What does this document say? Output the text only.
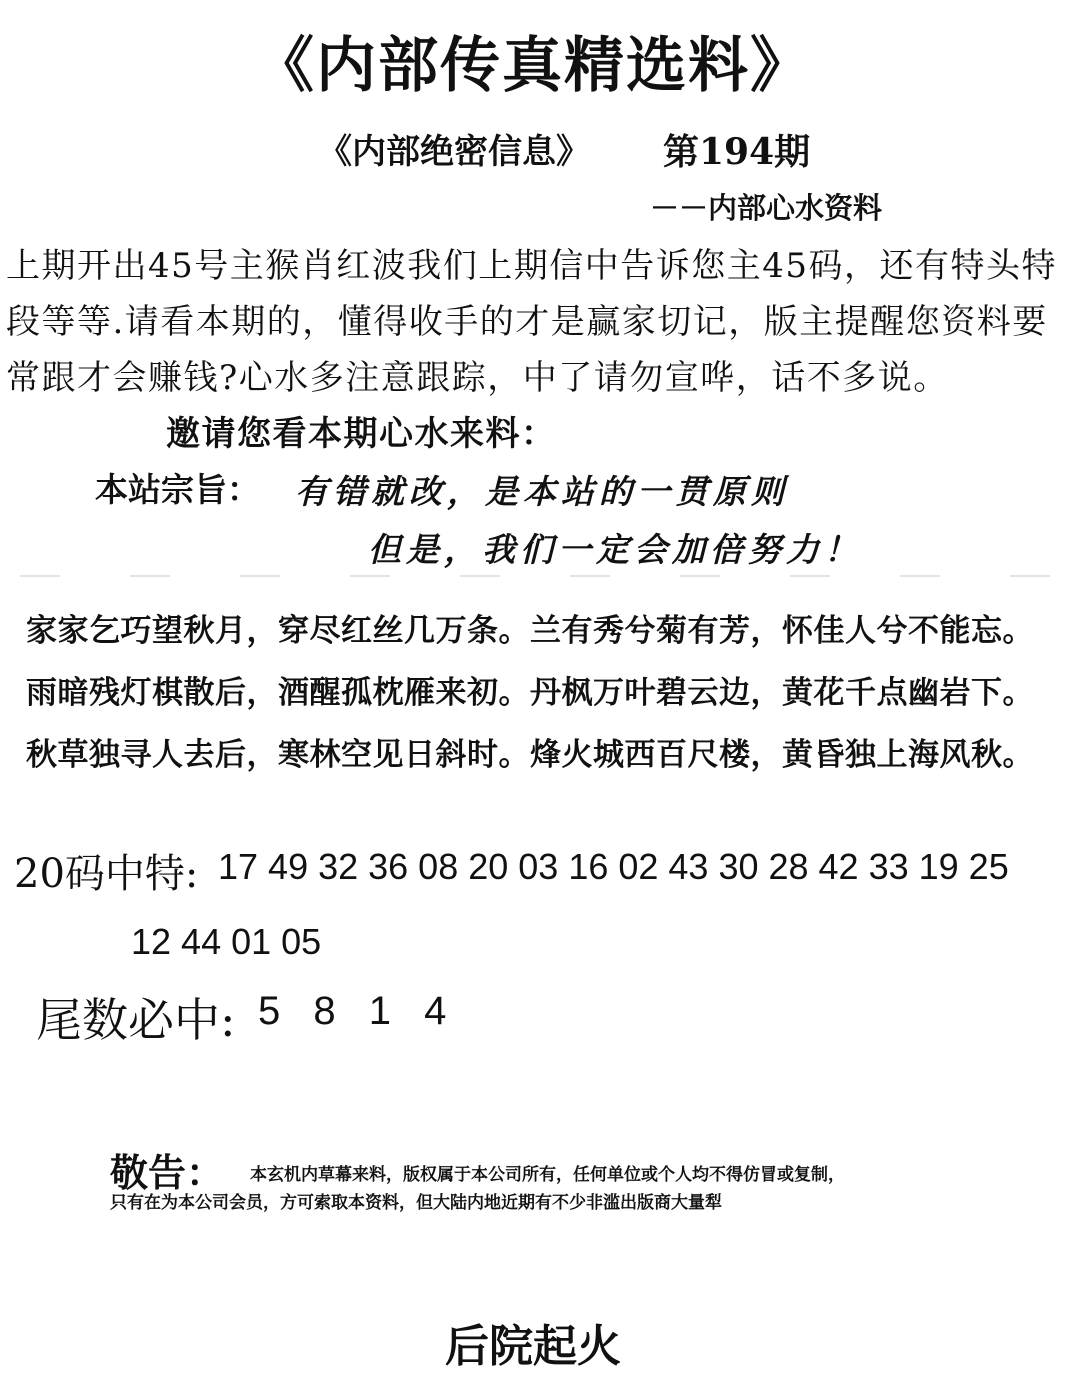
《内部传真精选料》
《内部绝密信息》 第194期
－－内部心水资料
上期开出45号主猴肖红波我们上期信中告诉您主45码，还有特头特段等等.请看本期的，懂得收手的才是赢家切记，版主提醒您资料要常跟才会赚钱?心水多注意跟踪，中了请勿宣哗，话不多说。邀请您看本期心水来料：
本站宗旨： 有错就改，是本站的一贯原则
但是，我们一定会加倍努力！
家家乞巧望秋月，穿尽红丝几万条。兰有秀兮菊有芳，怀佳人兮不能忘。
雨暗残灯棋散后，酒醒孤枕雁来初。丹枫万叶碧云边，黄花千点幽岩下。
秋草独寻人去后，寒林空见日斜时。烽火城西百尺楼，黄昏独上海风秋。
20码中特: 17 49 32 36 08 20 03 16 02 43 30 28 42 33 19 25
12 44 01 05
尾数必中: 5 8 1 4
敬告： 本玄机内草幕来料，版权属于本公司所有，任何单位或个人均不得仿冒或复制，
只有在为本公司会员，方可索取本资料，但大陆内地近期有不少非滥出版商大量犁
后院起火
